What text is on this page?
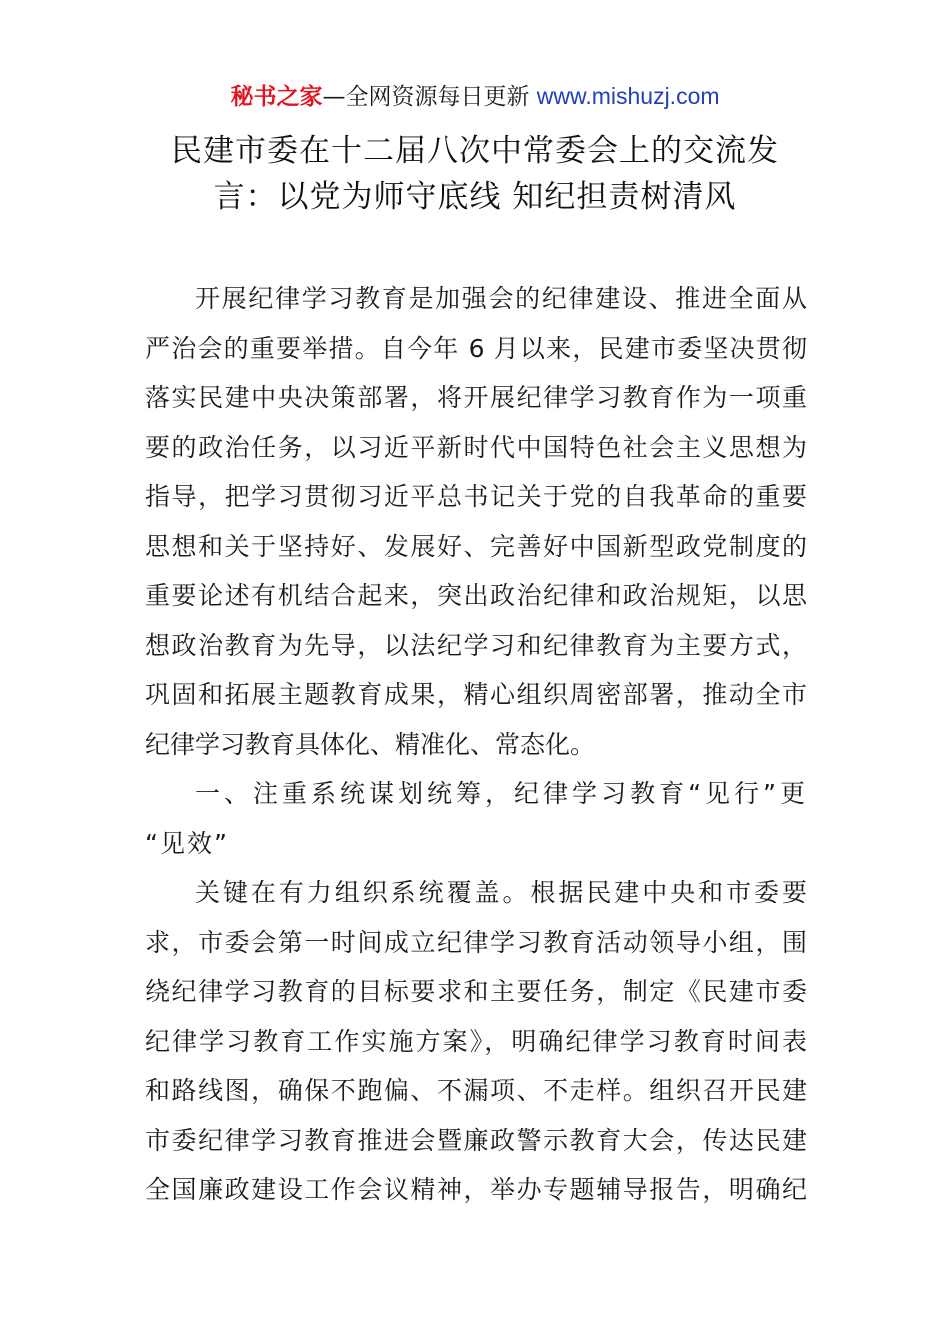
秘书之家—全网资源每日更新 www.mishuzj.com
民建市委在十二届八次中常委会上的交流发
言：以党为师守底线 知纪担责树清风
开展纪律学习教育是加强会的纪律建设、推进全面从
严治会的重要举措。自今年 6 月以来，民建市委坚决贯彻
落实民建中央决策部署，将开展纪律学习教育作为一项重
要的政治任务，以习近平新时代中国特色社会主义思想为
指导，把学习贯彻习近平总书记关于党的自我革命的重要
思想和关于坚持好、发展好、完善好中国新型政党制度的
重要论述有机结合起来，突出政治纪律和政治规矩，以思
想政治教育为先导，以法纪学习和纪律教育为主要方式，
巩固和拓展主题教育成果，精心组织周密部署，推动全市
纪律学习教育具体化、精准化、常态化。
一、注重系统谋划统筹，纪律学习教育“见行”更
“见效”
关键在有力组织系统覆盖。根据民建中央和市委要
求，市委会第一时间成立纪律学习教育活动领导小组，围
绕纪律学习教育的目标要求和主要任务，制定《民建市委
纪律学习教育工作实施方案》，明确纪律学习教育时间表
和路线图，确保不跑偏、不漏项、不走样。组织召开民建
市委纪律学习教育推进会暨廉政警示教育大会，传达民建
全国廉政建设工作会议精神，举办专题辅导报告，明确纪
